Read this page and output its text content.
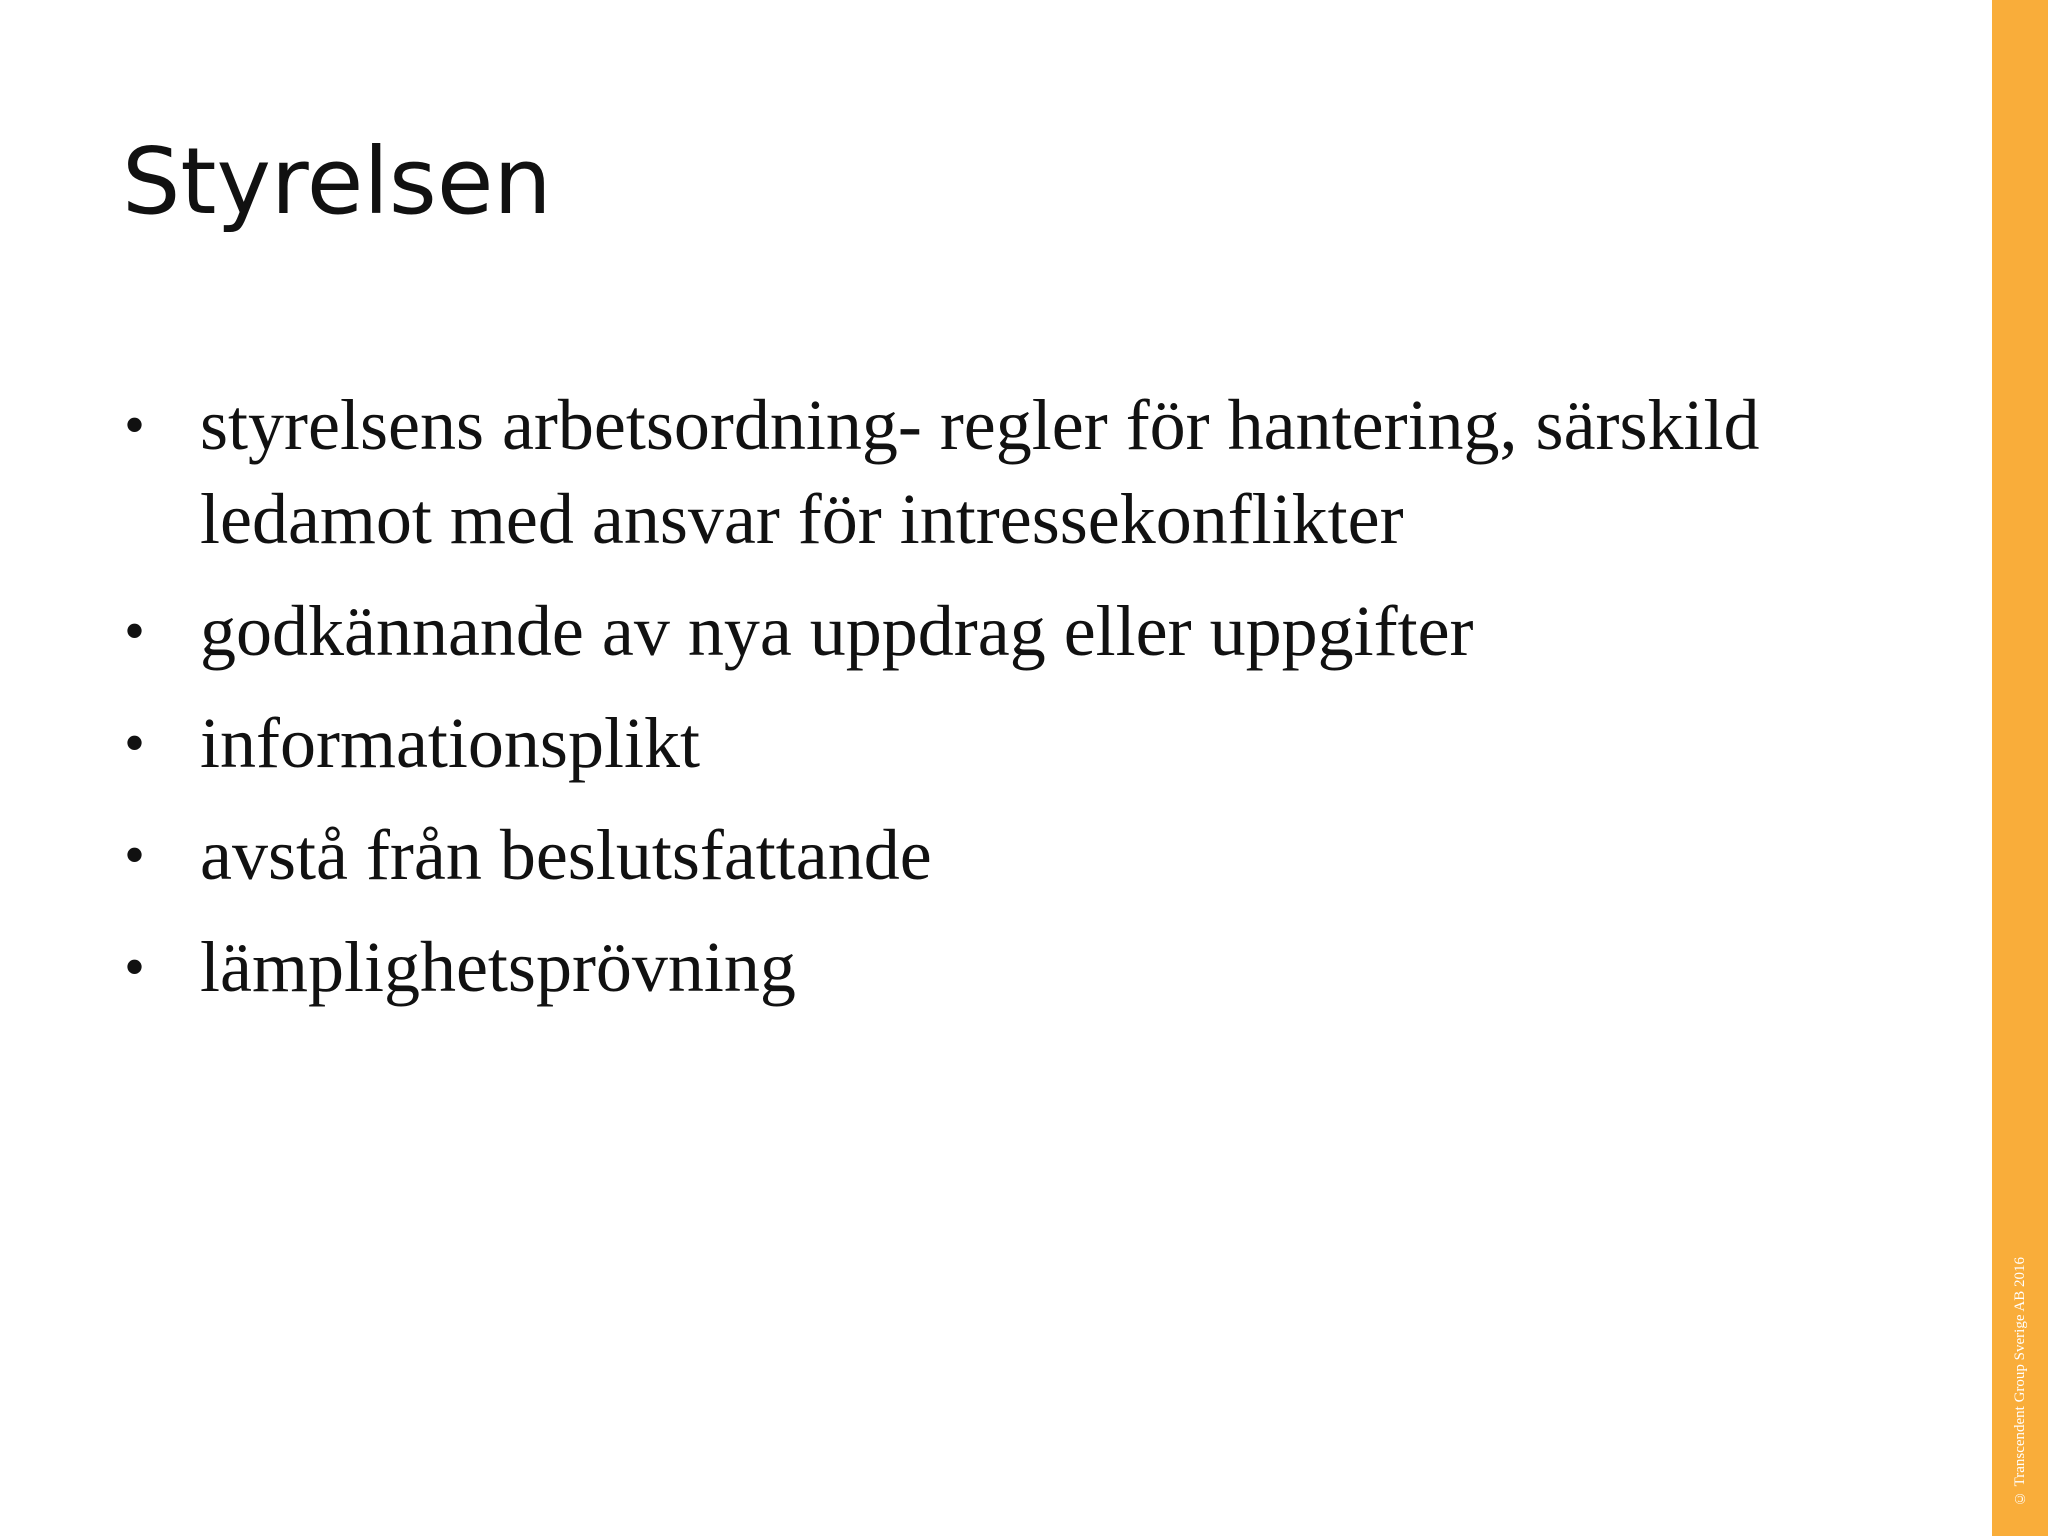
Styrelsen
• styrelsens arbetsordning- regler för hantering, särskild ledamot med ansvar för intressekonflikter
• godkännande av nya uppdrag eller uppgifter
• informationsplikt
• avstå från beslutsfattande
• lämplighetsprövning
© Transcendent Group Sverige AB 2016
